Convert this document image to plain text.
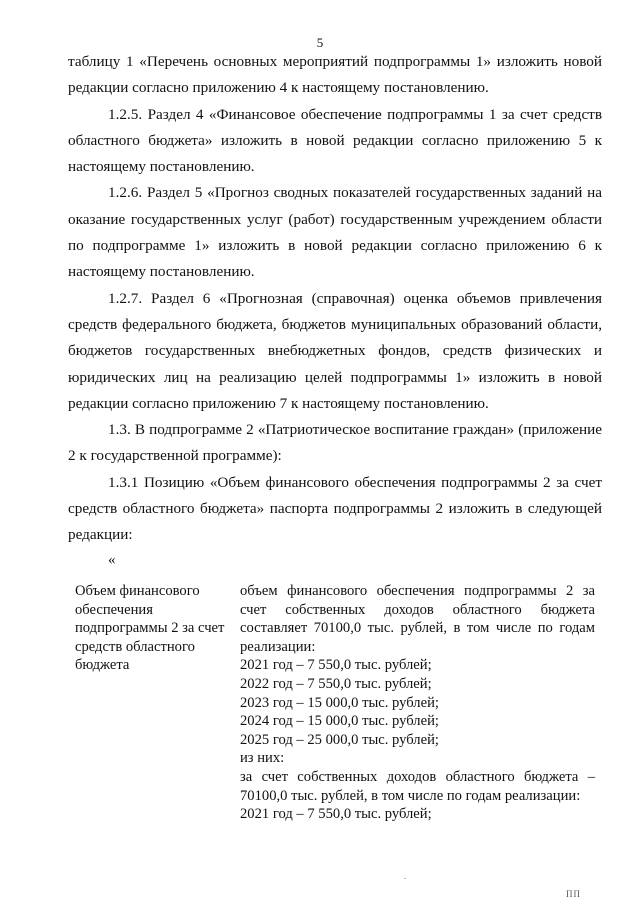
5

таблицу 1 «Перечень основных мероприятий подпрограммы 1» изложить новой редакции согласно приложению 4 к настоящему постановлению.

1.2.5. Раздел 4 «Финансовое обеспечение подпрограммы 1 за счет средств областного бюджета» изложить в новой редакции согласно приложению 5 к настоящему постановлению.

1.2.6. Раздел 5 «Прогноз сводных показателей государственных заданий на оказание государственных услуг (работ) государственным учреждением области по подпрограмме 1» изложить в новой редакции согласно приложению 6 к настоящему постановлению.

1.2.7. Раздел 6 «Прогнозная (справочная) оценка объемов привлечения средств федерального бюджета, бюджетов муниципальных образований области, бюджетов государственных внебюджетных фондов, средств физических и юридических лиц на реализацию целей подпрограммы 1» изложить в новой редакции согласно приложению 7 к настоящему постановлению.

1.3. В подпрограмме 2 «Патриотическое воспитание граждан» (приложение 2 к государственной программе):

1.3.1 Позицию «Объем финансового обеспечения подпрограммы 2 за счет средств областного бюджета» паспорта подпрограммы 2 изложить в следующей редакции:

«
Объем финансового обеспечения подпрограммы 2 за счет средств областного бюджета
объем финансового обеспечения подпрограммы 2 за счет собственных доходов областного бюджета составляет 70100,0 тыс. рублей, в том числе по годам реализации:
2021 год – 7 550,0 тыс. рублей;
2022 год – 7 550,0 тыс. рублей;
2023 год – 15 000,0 тыс. рублей;
2024 год – 15 000,0 тыс. рублей;
2025 год – 25 000,0 тыс. рублей;
из них:
за счет собственных доходов областного бюджета – 70100,0 тыс. рублей, в том числе по годам реализации:
2021 год – 7 550,0 тыс. рублей;
.
ПП
